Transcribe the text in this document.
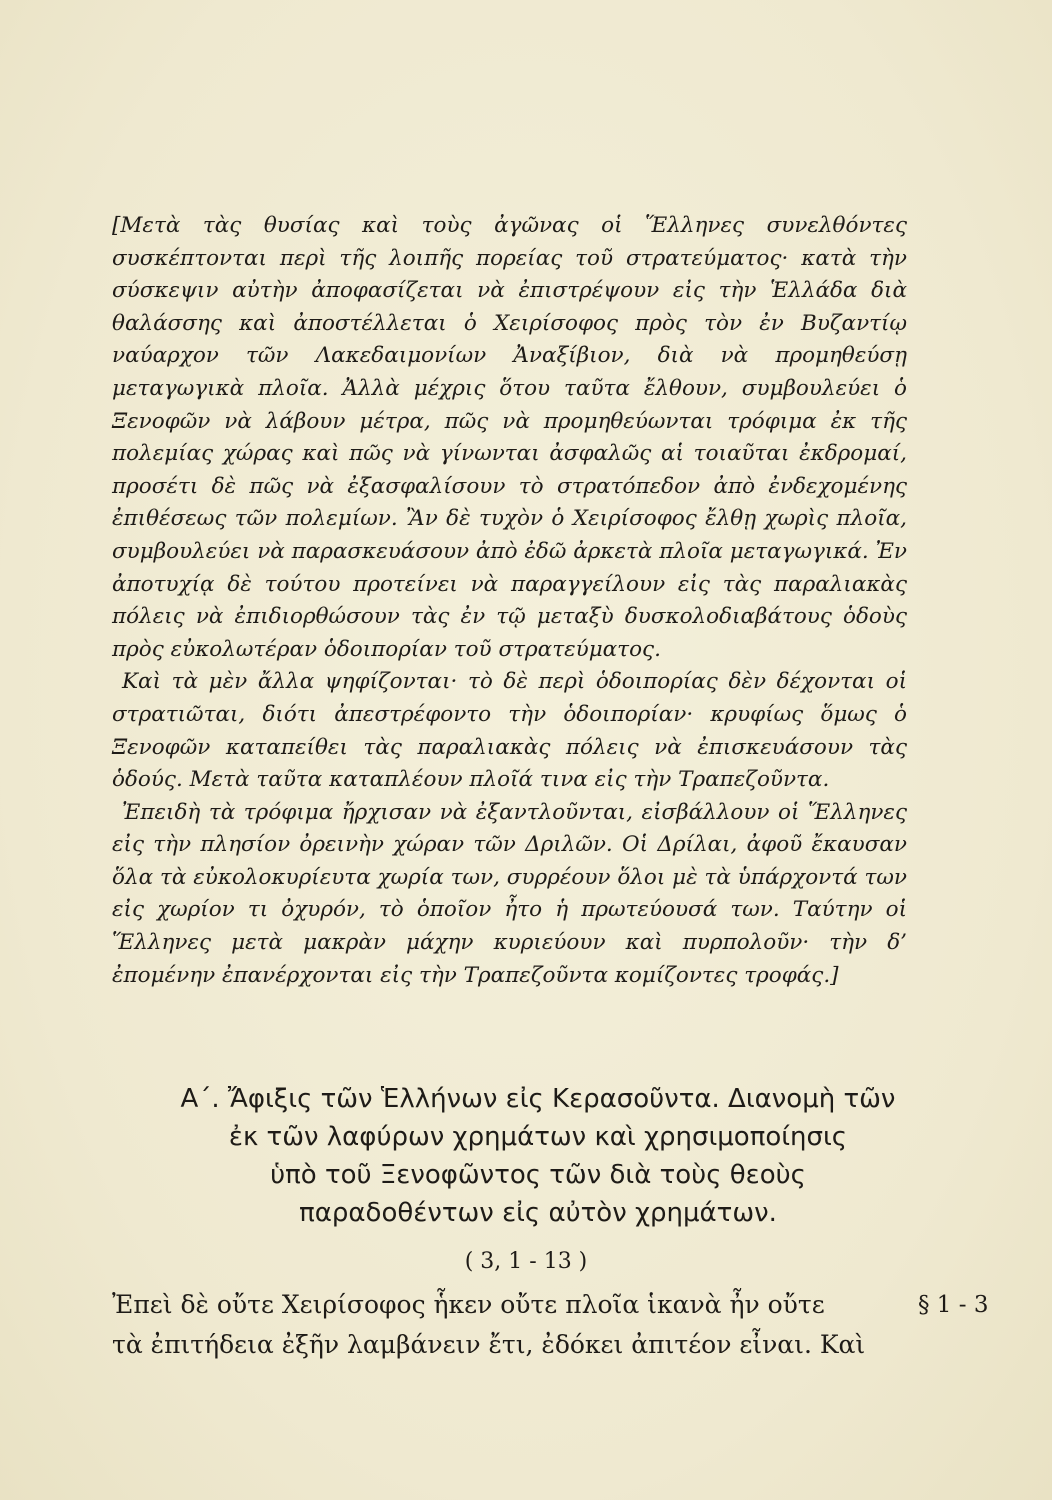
[Μετὰ τὰς θυσίας καὶ τοὺς ἀγῶνας οἱ Ἕλληνες συνελθόντες συσκέπτονται περὶ τῆς λοιπῆς πορείας τοῦ στρατεύματος· κατὰ τὴν σύσκεψιν αὐτὴν ἀποφασίζεται νὰ ἐπιστρέψουν εἰς τὴν Ἑλλάδα διὰ θαλάσσης καὶ ἀποστέλλεται ὁ Χειρίσοφος πρὸς τὸν ἐν Βυζαντίῳ ναύαρχον τῶν Λακεδαιμονίων Ἀναξίβιον, διὰ νὰ προμηθεύσῃ μεταγωγικὰ πλοῖα. Ἀλλὰ μέχρις ὅτου ταῦτα ἔλθουν, συμβουλεύει ὁ Ξενοφῶν νὰ λάβουν μέτρα, πῶς νὰ προμηθεύωνται τρόφιμα ἐκ τῆς πολεμίας χώρας καὶ πῶς νὰ γίνωνται ἀσφαλῶς αἱ τοιαῦται ἐκδρομαί, προσέτι δὲ πῶς νὰ ἐξασφαλίσουν τὸ στρατόπεδον ἀπὸ ἐνδεχομένης ἐπιθέσεως τῶν πολεμίων. Ἂν δὲ τυχὸν ὁ Χειρίσοφος ἔλθῃ χωρὶς πλοῖα, συμβουλεύει νὰ παρασκευάσουν ἀπὸ ἐδῶ ἀρκετὰ πλοῖα μεταγωγικά. Ἐν ἀποτυχίᾳ δὲ τούτου προτείνει νὰ παραγγείλουν εἰς τὰς παραλιακὰς πόλεις νὰ ἐπιδιορθώσουν τὰς ἐν τῷ μεταξὺ δυσκολοδιαβάτους ὁδοὺς πρὸς εὐκολωτέραν ὁδοιπορίαν τοῦ στρατεύματος.

Καὶ τὰ μὲν ἄλλα ψηφίζονται· τὸ δὲ περὶ ὁδοιπορίας δὲν δέχονται οἱ στρατιῶται, διότι ἀπεστρέφοντο τὴν ὁδοιπορίαν· κρυφίως ὅμως ὁ Ξενοφῶν καταπείθει τὰς παραλιακὰς πόλεις νὰ ἐπισκευάσουν τὰς ὁδούς. Μετὰ ταῦτα καταπλέουν πλοῖά τινα εἰς τὴν Τραπεζοῦντα.

Ἐπειδὴ τὰ τρόφιμα ἤρχισαν νὰ ἐξαντλοῦνται, εἰσβάλλουν οἱ Ἕλληνες εἰς τὴν πλησίον ὀρεινὴν χώραν τῶν Δριλῶν. Οἱ Δρίλαι, ἀφοῦ ἔκαυσαν ὅλα τὰ εὐκολοκυρίευτα χωρία των, συρρέουν ὅλοι μὲ τὰ ὑπάρχοντά των εἰς χωρίον τι ὀχυρόν, τὸ ὁποῖον ἦτο ἡ πρωτεύουσά των. Ταύτην οἱ Ἕλληνες μετὰ μακρὰν μάχην κυριεύουν καὶ πυρπολοῦν· τὴν δ’ ἐπομένην ἐπανέρχονται εἰς τὴν Τραπεζοῦντα κομίζοντες τροφάς.]

Α΄. Ἄφιξις τῶν Ἑλλήνων εἰς Κερασοῦντα. Διανομὴ τῶν
ἐκ τῶν λαφύρων χρημάτων καὶ χρησιμοποίησις
ὑπὸ τοῦ Ξενοφῶντος τῶν διὰ τοὺς θεοὺς
παραδοθέντων εἰς αὐτὸν χρημάτων.
( 3, 1 - 13 )
Ἐπεὶ δὲ οὔτε Χειρίσοφος ἧκεν οὔτε πλοῖα ἱκανὰ ἦν οὔτε
τὰ ἐπιτήδεια ἐξῆν λαμβάνειν ἔτι, ἐδόκει ἀπιτέον εἶναι. Καὶ
§ 1 - 3
